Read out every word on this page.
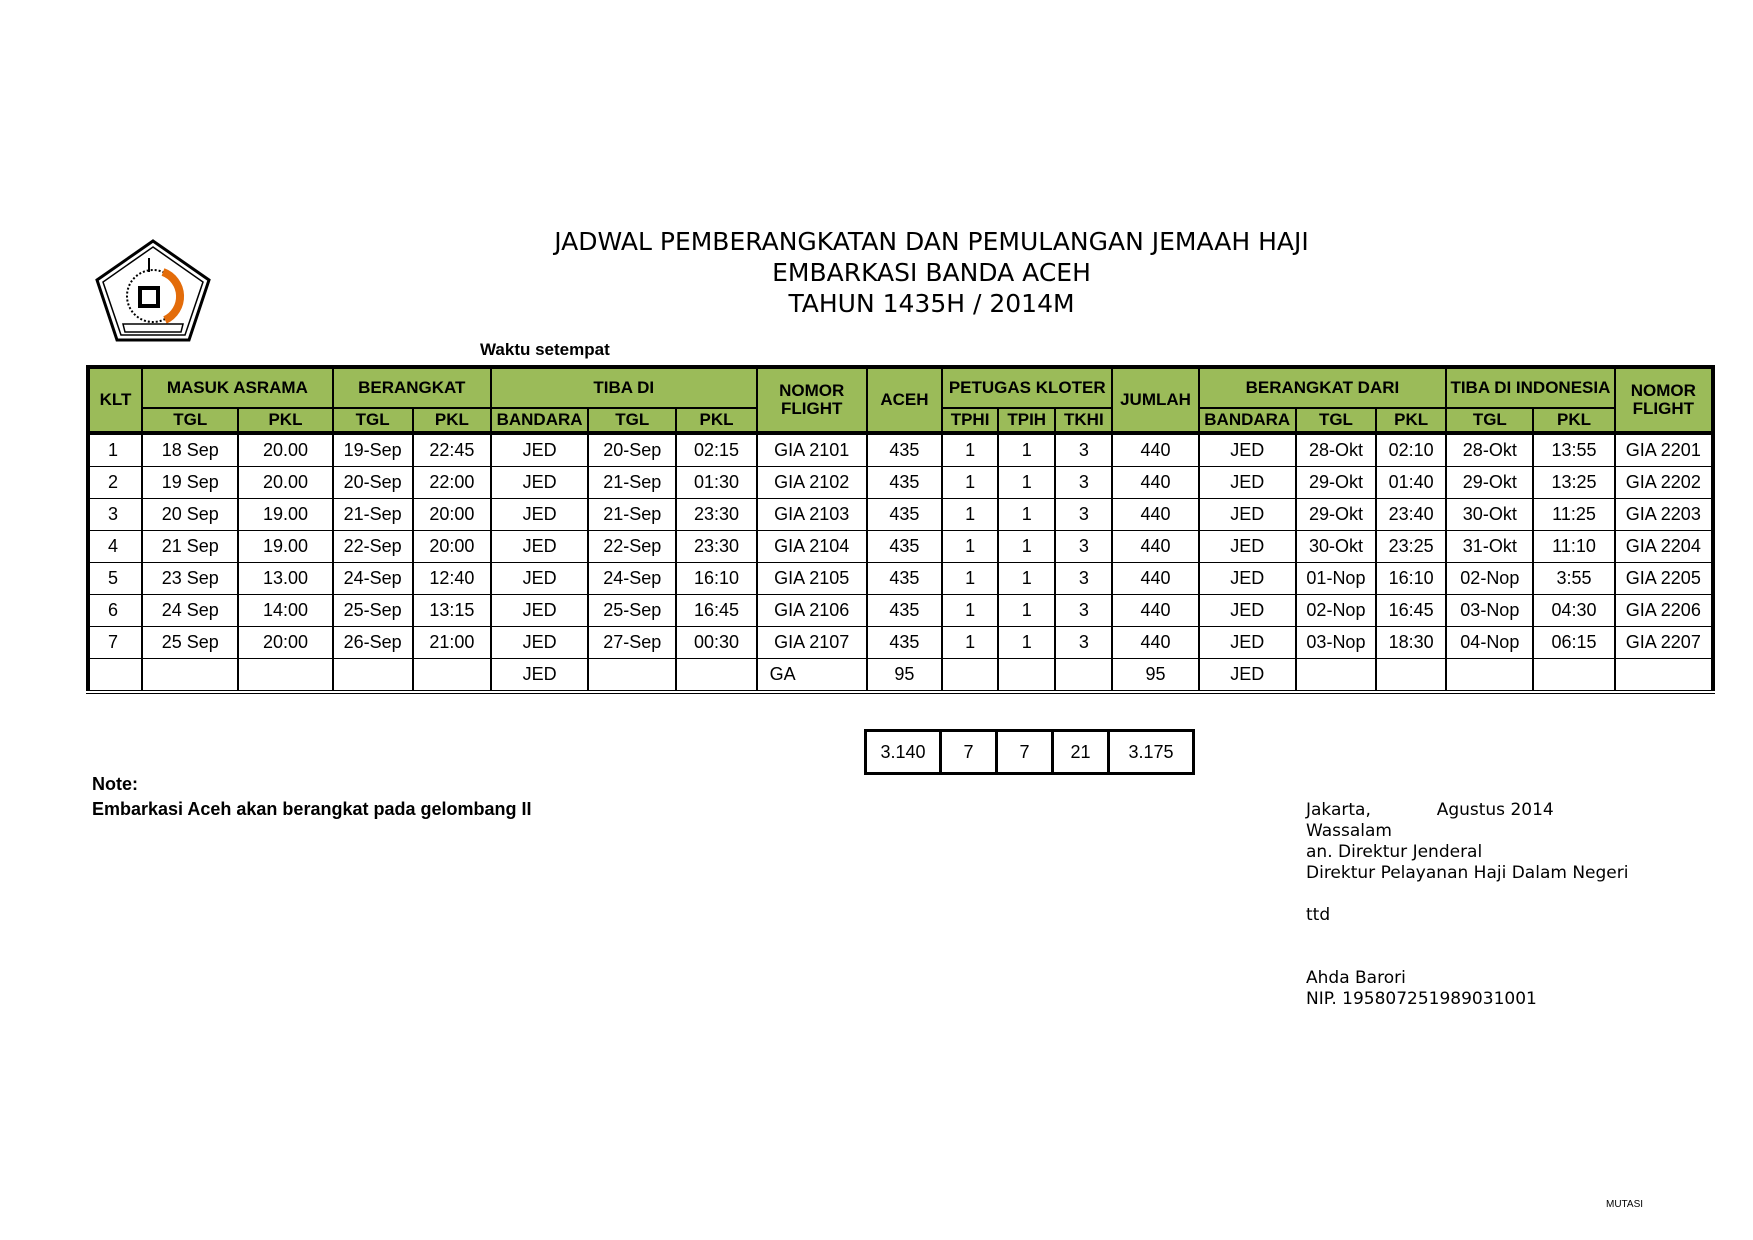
JADWAL PEMBERANGKATAN DAN PEMULANGAN JEMAAH HAJI
EMBARKASI BANDA ACEH
TAHUN 1435H / 2014M
Waktu setempat
KLT	MASUK ASRAMA		BERANGKAT		TIBA DI			NOMOR FLIGHT	ACEH	PETUGAS KLOTER			JUMLAH	BERANGKAT DARI			TIBA DI INDONESIA		NOMOR FLIGHT
	TGL	PKL	TGL	PKL	BANDARA	TGL	PKL			TPHI	TPIH	TKHI		BANDARA	TGL	PKL	TGL	PKL	
1	18 Sep	20.00	19-Sep	22:45	JED	20-Sep	02:15	GIA 2101	435	1	1	3	440	JED	28-Okt	02:10	28-Okt	13:55	GIA 2201
2	19 Sep	20.00	20-Sep	22:00	JED	21-Sep	01:30	GIA 2102	435	1	1	3	440	JED	29-Okt	01:40	29-Okt	13:25	GIA 2202
3	20 Sep	19.00	21-Sep	20:00	JED	21-Sep	23:30	GIA 2103	435	1	1	3	440	JED	29-Okt	23:40	30-Okt	11:25	GIA 2203
4	21 Sep	19.00	22-Sep	20:00	JED	22-Sep	23:30	GIA 2104	435	1	1	3	440	JED	30-Okt	23:25	31-Okt	11:10	GIA 2204
5	23 Sep	13.00	24-Sep	12:40	JED	24-Sep	16:10	GIA 2105	435	1	1	3	440	JED	01-Nop	16:10	02-Nop	3:55	GIA 2205
6	24 Sep	14:00	25-Sep	13:15	JED	25-Sep	16:45	GIA 2106	435	1	1	3	440	JED	02-Nop	16:45	03-Nop	04:30	GIA 2206
7	25 Sep	20:00	26-Sep	21:00	JED	27-Sep	00:30	GIA 2107	435	1	1	3	440	JED	03-Nop	18:30	04-Nop	06:15	GIA 2207
					JED			GA	95				95	JED					
3.140	7	7	21	3.175
Note:
Embarkasi Aceh akan berangkat pada gelombang II	Jakarta,	Agustus 2014
Wassalam
an. Direktur Jenderal
Direktur Pelayanan Haji Dalam Negeri
ttd
Ahda Barori
NIP. 195807251989031001
MUTASI
